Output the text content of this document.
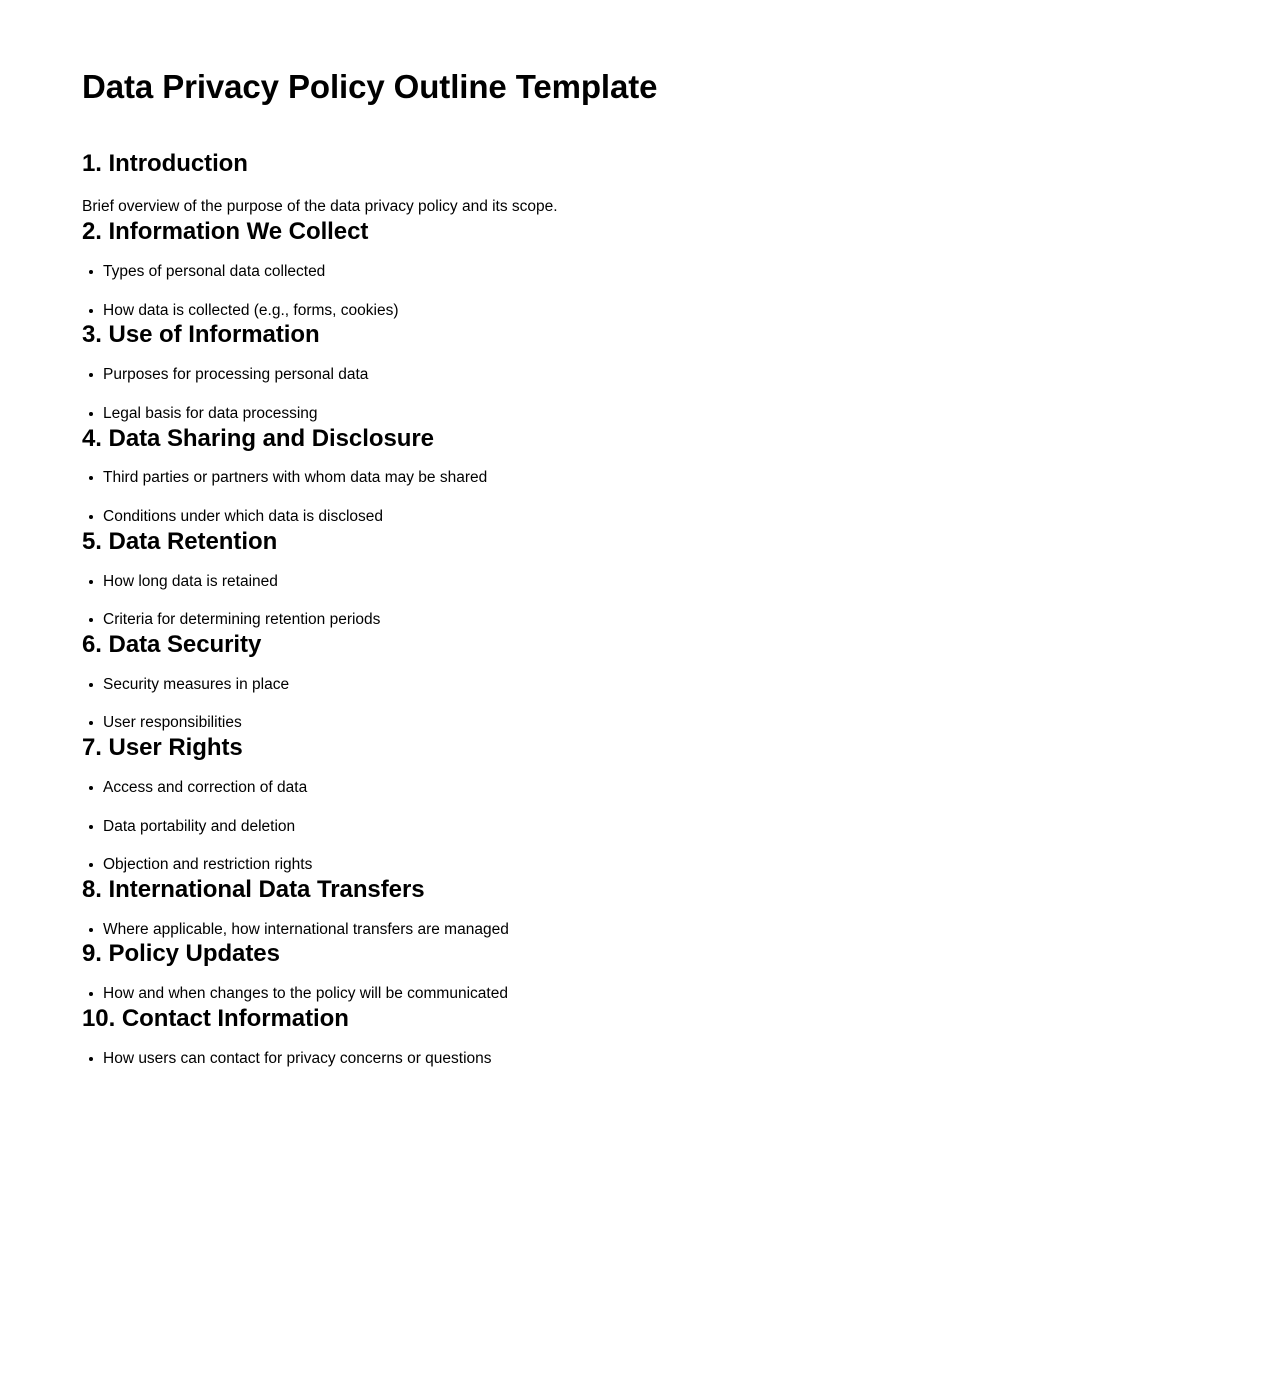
Data Privacy Policy Outline Template
1. Introduction

Brief overview of the purpose of the data privacy policy and its scope.

2. Information We Collect
Types of personal data collected
How data is collected (e.g., forms, cookies)
3. Use of Information
Purposes for processing personal data
Legal basis for data processing
4. Data Sharing and Disclosure
Third parties or partners with whom data may be shared
Conditions under which data is disclosed
5. Data Retention
How long data is retained
Criteria for determining retention periods
6. Data Security
Security measures in place
User responsibilities
7. User Rights
Access and correction of data
Data portability and deletion
Objection and restriction rights
8. International Data Transfers
Where applicable, how international transfers are managed
9. Policy Updates
How and when changes to the policy will be communicated
10. Contact Information
How users can contact for privacy concerns or questions
